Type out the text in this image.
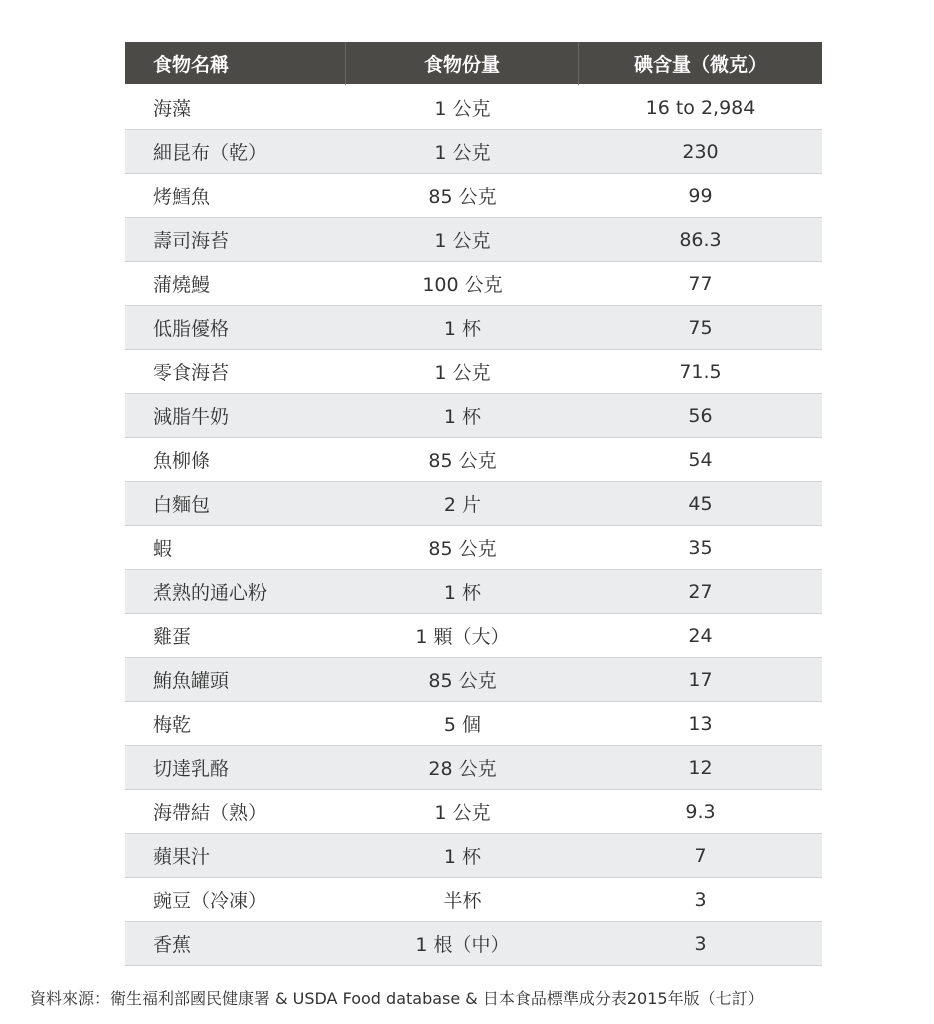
食物名稱	食物份量	碘含量（微克）
海藻	1 公克	16 to 2,984
細昆布（乾）	1 公克	230
烤鱈魚	85 公克	99
壽司海苔	1 公克	86.3
蒲燒鰻	100 公克	77
低脂優格	1 杯	75
零食海苔	1 公克	71.5
減脂牛奶	1 杯	56
魚柳條	85 公克	54
白麵包	2 片	45
蝦	85 公克	35
煮熟的通心粉	1 杯	27
雞蛋	1 顆（大）	24
鮪魚罐頭	85 公克	17
梅乾	5 個	13
切達乳酪	28 公克	12
海帶結（熟）	1 公克	9.3
蘋果汁	1 杯	7
豌豆（冷凍）	半杯	3
香蕉	1 根（中）	3
資料來源：衛生福利部國民健康署 & USDA Food database & 日本食品標準成分表2015年版（七訂）
